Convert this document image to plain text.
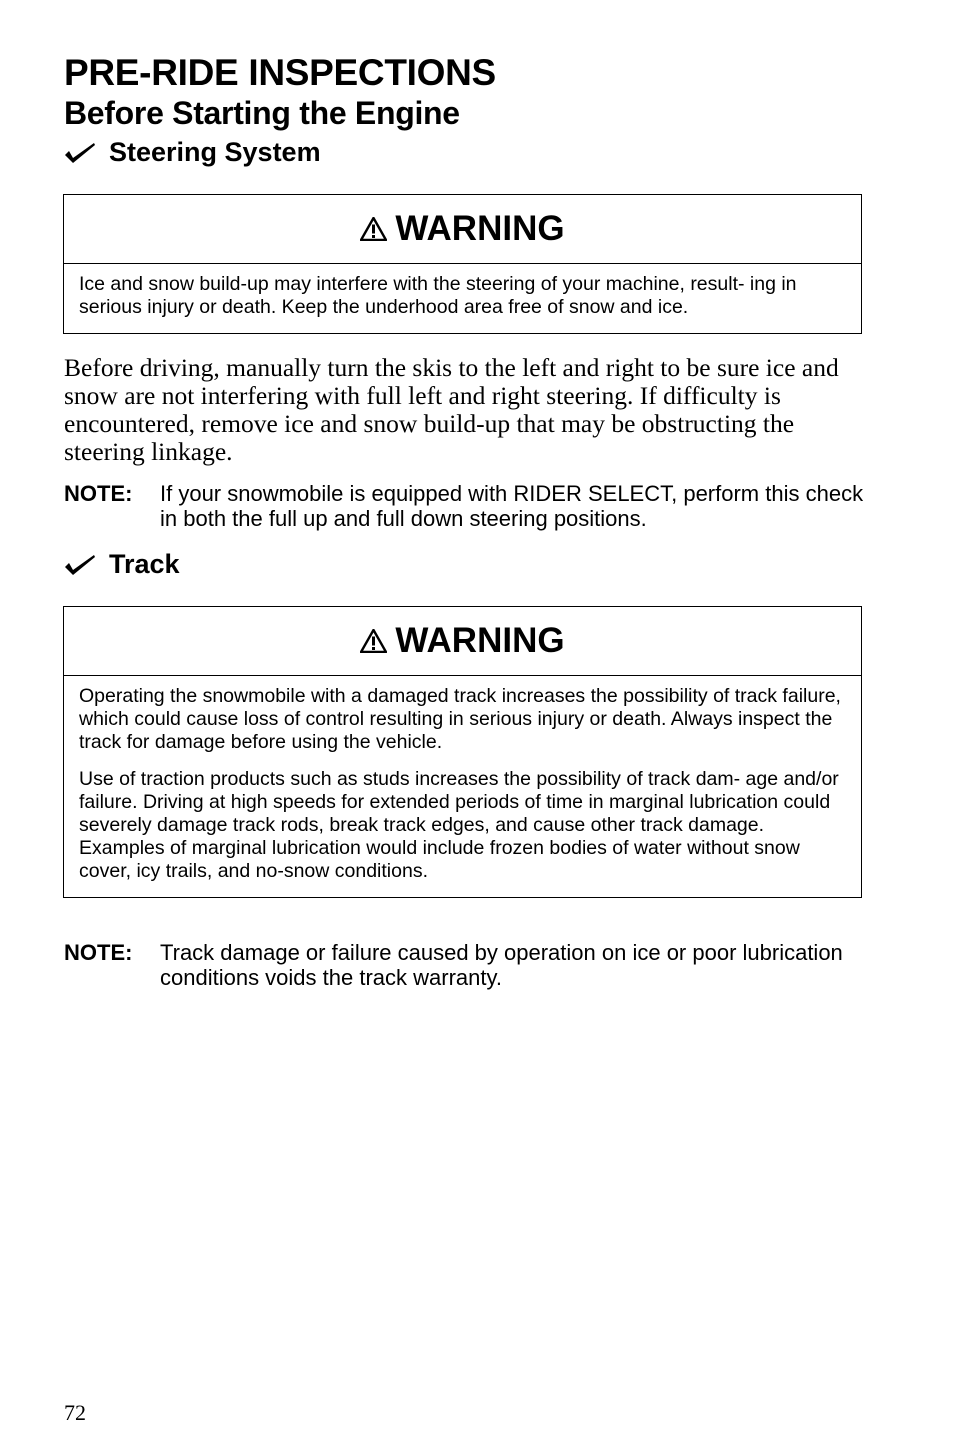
PRE-RIDE INSPECTIONS
Before Starting the Engine
Steering System
WARNING

Ice and snow build-up may interfere with the steering of your machine, result- ing in serious injury or death. Keep the underhood area free of snow and ice.

Before driving, manually turn the skis to the left and right to be sure ice and snow are not interfering with full left and right steering. If difficulty is encountered, remove ice and snow build-up that may be obstructing the steering linkage.

NOTE:	If your snowmobile is equipped with RIDER SELECT, perform this check in both the full up and full down steering positions.
Track
WARNING

Operating the snowmobile with a damaged track increases the possibility of track failure, which could cause loss of control resulting in serious injury or death. Always inspect the track for damage before using the vehicle.

Use of traction products such as studs increases the possibility of track dam- age and/or failure. Driving at high speeds for extended periods of time in marginal lubrication could severely damage track rods, break track edges, and cause other track damage. Examples of marginal lubrication would include frozen bodies of water without snow cover, icy trails, and no-snow conditions.

NOTE:	Track damage or failure caused by operation on ice or poor lubrication conditions voids the track warranty.
72
